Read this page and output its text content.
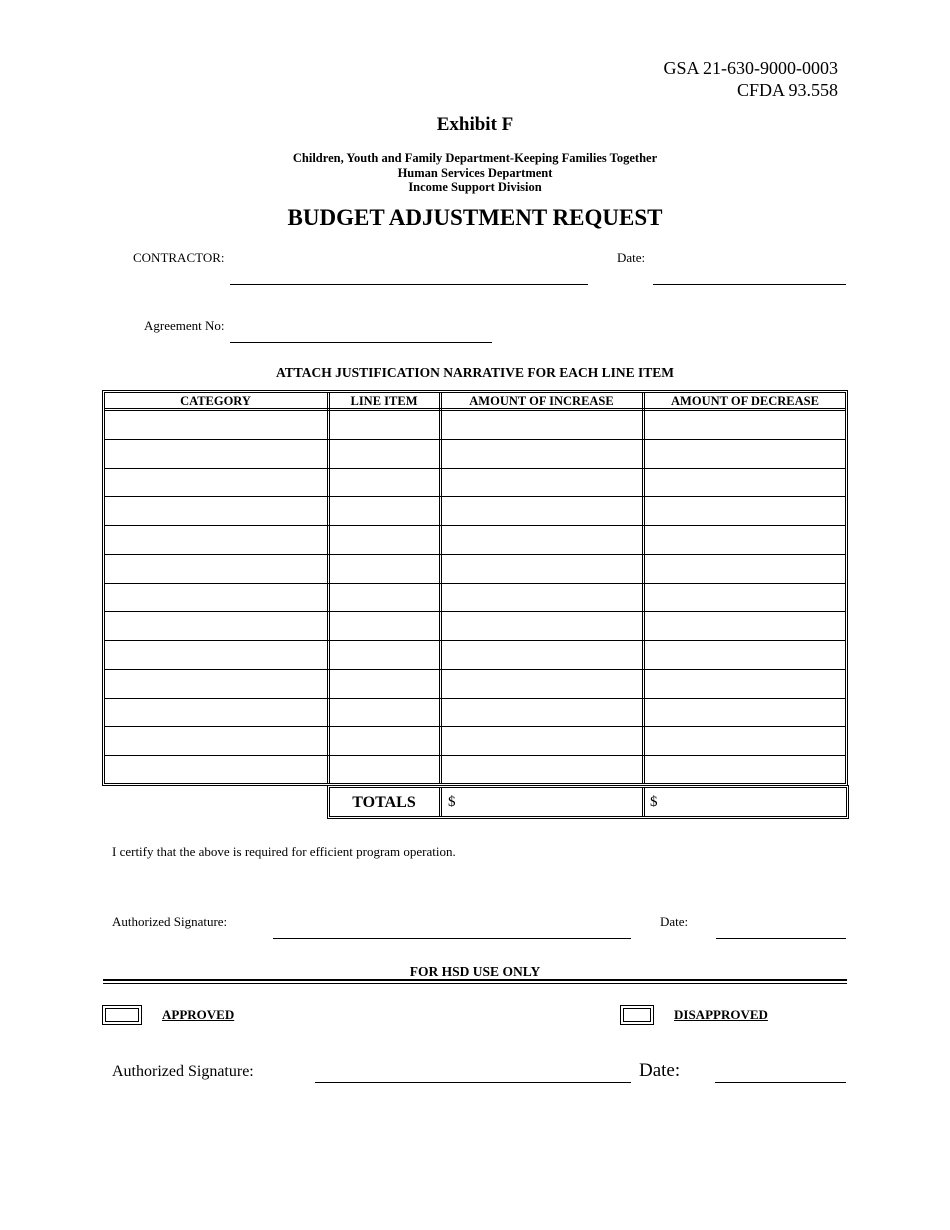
GSA 21-630-9000-0003
CFDA 93.558
Exhibit F
Children, Youth and Family Department-Keeping Families Together
Human Services Department
Income Support Division
BUDGET ADJUSTMENT REQUEST
CONTRACTOR:	Date:
Agreement No:
ATTACH JUSTIFICATION NARRATIVE FOR EACH LINE ITEM
CATEGORY	LINE ITEM	AMOUNT OF INCREASE	AMOUNT OF DECREASE
TOTALS	$	$
I certify that the above is required for efficient program operation.
Authorized Signature:	Date:
FOR HSD USE ONLY
APPROVED	DISAPPROVED
Authorized Signature:	Date:
